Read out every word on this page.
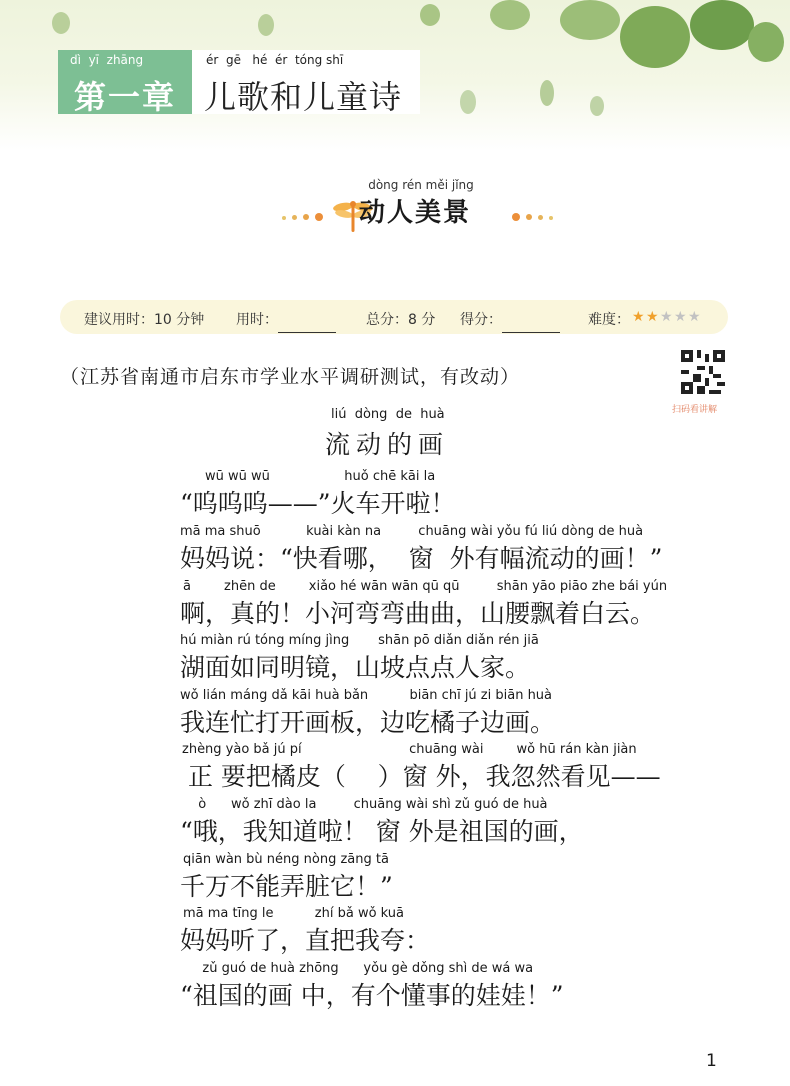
dì  yī  zhāng
第一章
ér  gē   hé  ér  tóng shī
儿歌和儿童诗
dòng rén měi jǐng
动人美景
建议用时：10 分钟 用时：	总分：8 分 得分：	难度： ★ ★ ★ ★ ★
（江苏省南通市启东市学业水平调研测试，有改动）
扫码看讲解
liú  dòng  de  huà
流动的画
wū wū wū                  huǒ chē kāi la
“呜呜呜——”火车开啦！
mā ma shuō           kuài kàn na         chuāng wài yǒu fú liú dòng de huà
妈妈说：“快看哪，  窗  外有幅流动的画！”
ā        zhēn de        xiǎo hé wān wān qū qū         shān yāo piāo zhe bái yún
啊，真的！小河弯弯曲曲，山腰飘着白云。
hú miàn rú tóng míng jìng       shān pō diǎn diǎn rén jiā
湖面如同明镜，山坡点点人家。
wǒ lián máng dǎ kāi huà bǎn          biān chī jú zi biān huà
我连忙打开画板，边吃橘子边画。
zhèng yào bǎ jú pí                          chuāng wài        wǒ hū rán kàn jiàn
正 要把橘皮（    ）窗 外，我忽然看见——
ò      wǒ zhī dào la         chuāng wài shì zǔ guó de huà
“哦，我知道啦！ 窗 外是祖国的画，
qiān wàn bù néng nòng zāng tā
千万不能弄脏它！”
mā ma tīng le          zhí bǎ wǒ kuā
妈妈听了，直把我夸：
zǔ guó de huà zhōng      yǒu gè dǒng shì de wá wa
“祖国的画 中，有个懂事的娃娃！”
1
